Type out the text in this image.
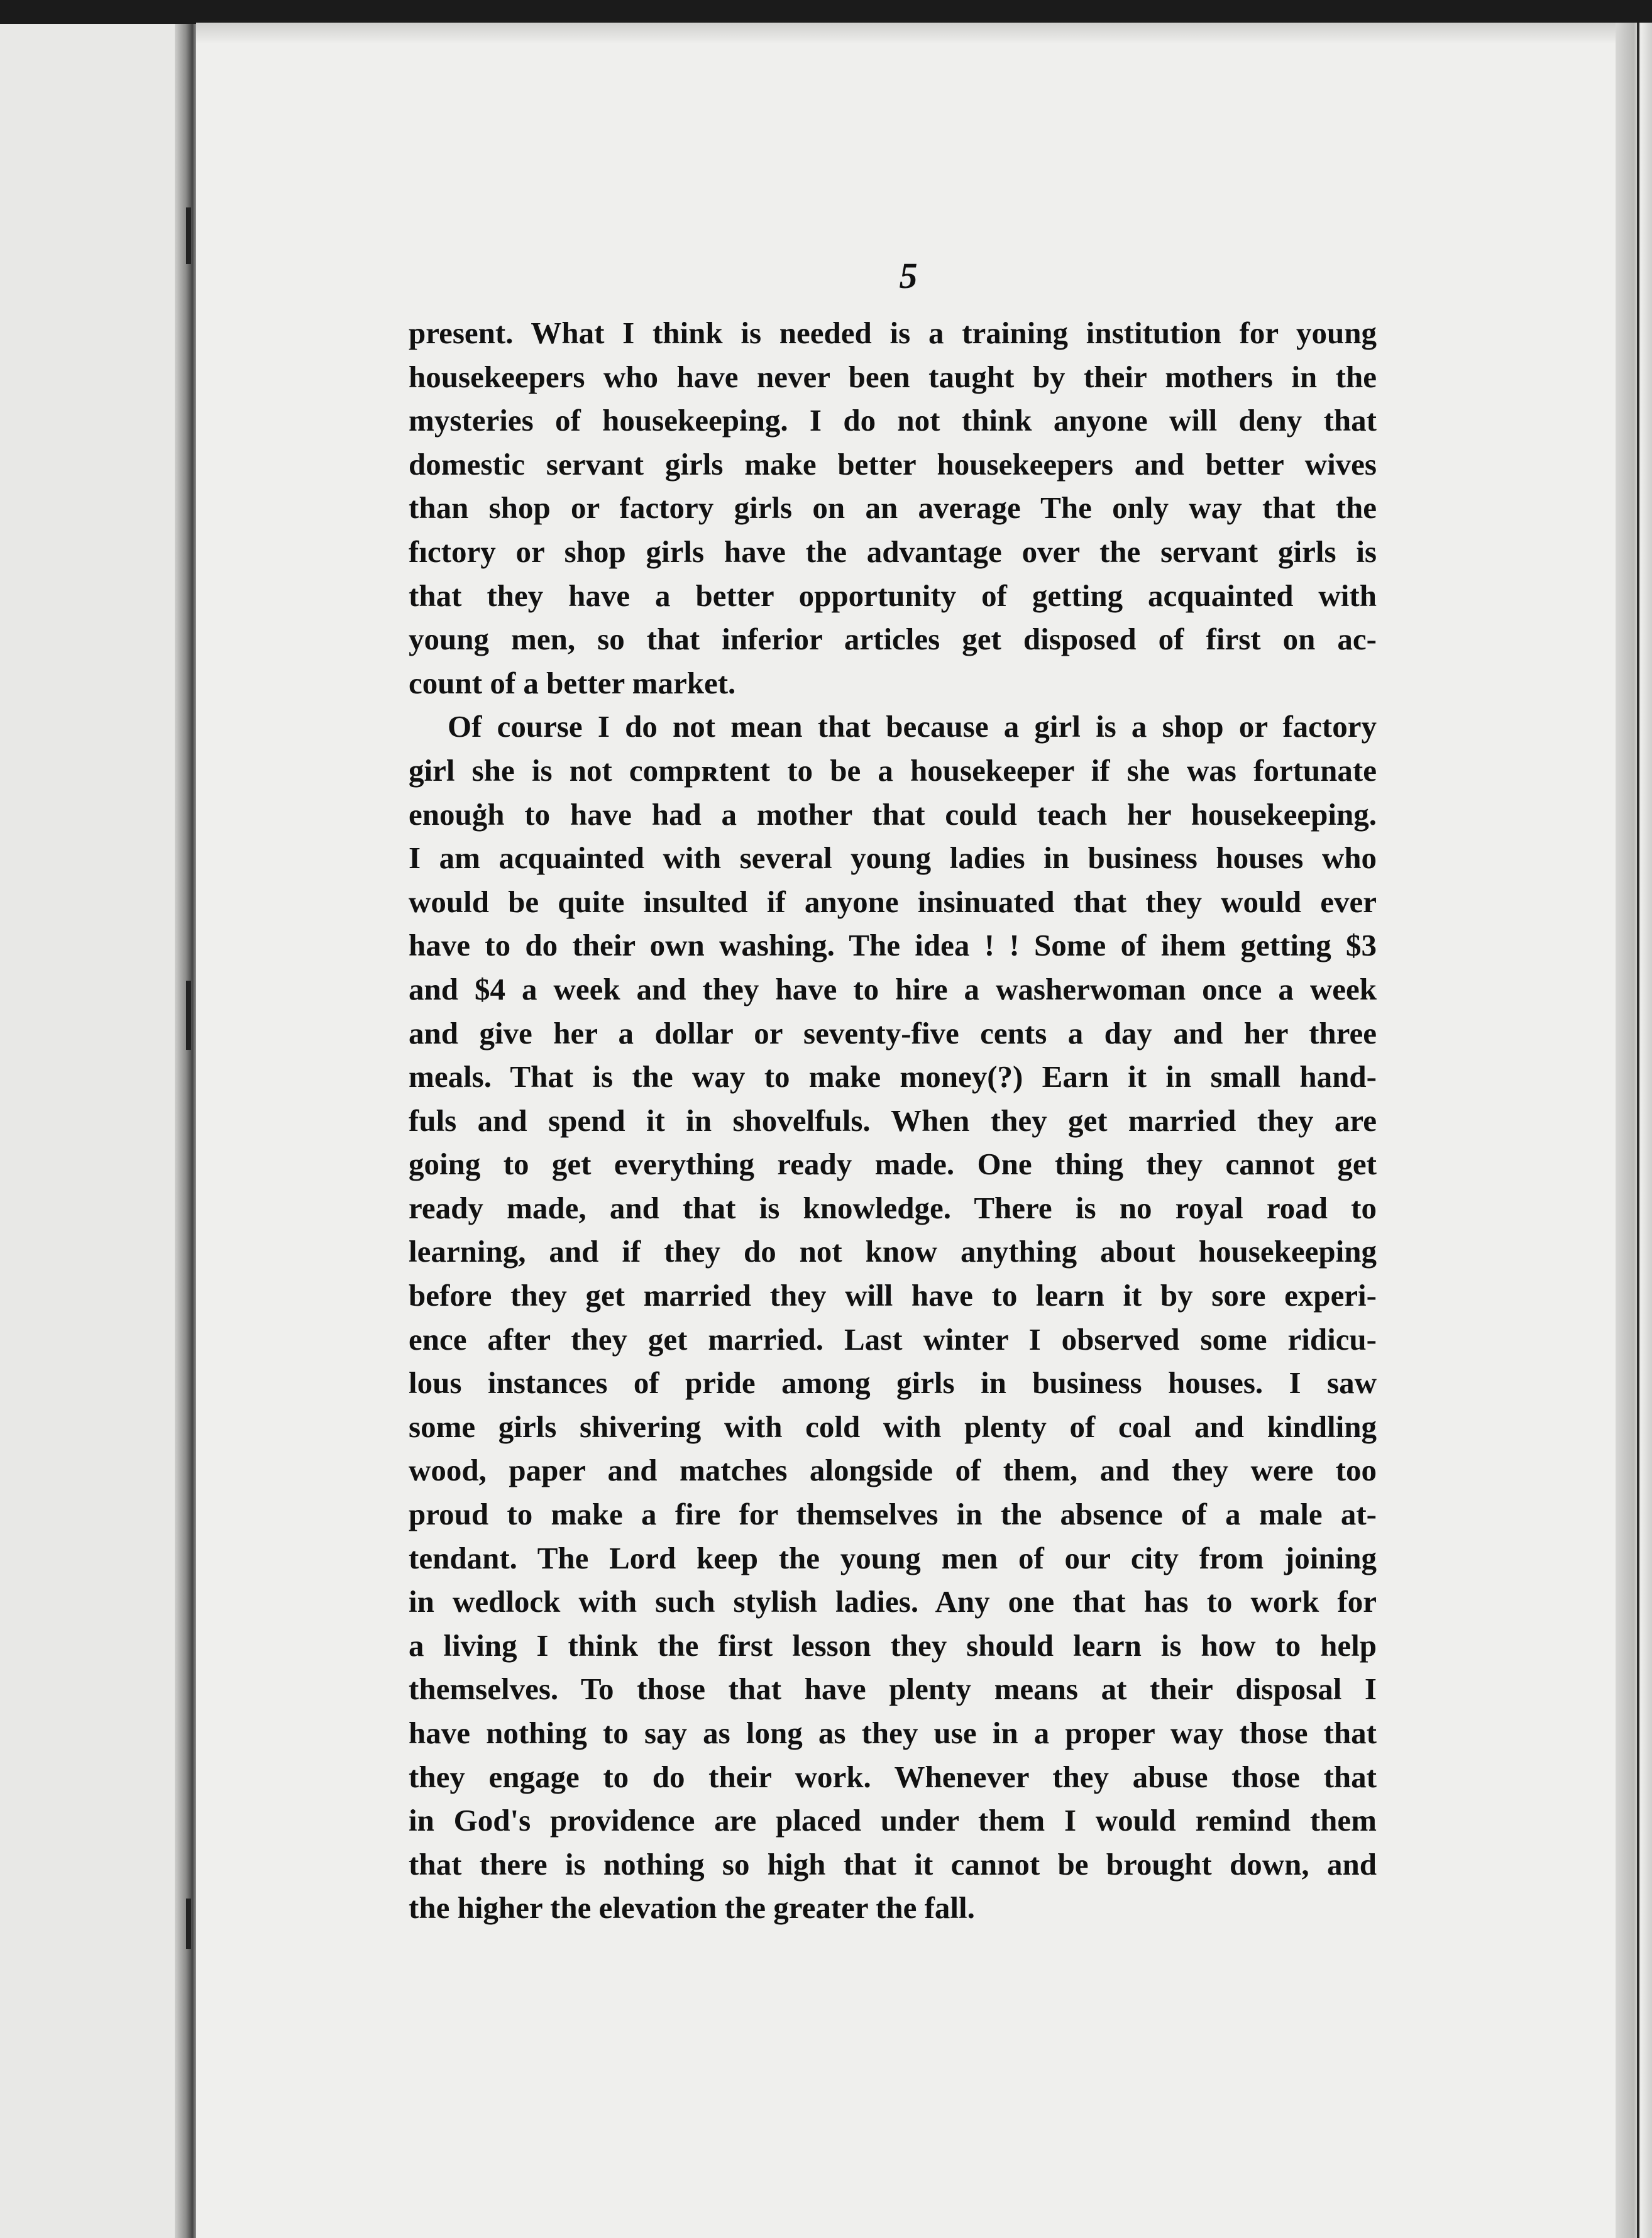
5
present. What I think is needed is a training institution for young
housekeepers who have never been taught by their mothers in the
mysteries of housekeeping. I do not think anyone will deny that
domestic servant girls make better housekeepers and better wives
than shop or factory girls on an average The only way that the
fıctory or shop girls have the advantage over the servant girls is
that they have a better opportunity of getting acquainted with
young men, so that inferior articles get disposed of first on ac-
count of a better market.
Of course I do not mean that because a girl is a shop or factory
girl she is not compʀtent to be a housekeeper if she was fortunate
enouġh to have had a mother that could teach her housekeeping.
I am acquainted with several young ladies in business houses who
would be quite insulted if anyone insinuated that they would ever
have to do their own washing. The idea ! ! Some of ihem getting $3
and $4 a week and they have to hire a washerwoman once a week
and give her a dollar or seventy-five cents a day and her three
meals. That is the way to make money(?) Earn it in small hand-
fuls and spend it in shovelfuls. When they get married they are
going to get everything ready made. One thing they cannot get
ready made, and that is knowledge. There is no royal road to
learning, and if they do not know anything about housekeeping
before they get married they will have to learn it by sore experi-
ence after they get married. Last winter I observed some ridicu-
lous instances of pride among girls in business houses. I saw
some girls shivering with cold with plenty of coal and kindling
wood, paper and matches alongside of them, and they were too
proud to make a fire for themselves in the absence of a male at-
tendant. The Lord keep the young men of our city from joining
in wedlock with such stylish ladies. Any one that has to work for
a living I think the first lesson they should learn is how to help
themselves. To those that have plenty means at their disposal I
have nothing to say as long as they use in a proper way those that
they engage to do their work. Whenever they abuse those that
in God's providence are placed under them I would remind them
that there is nothing so high that it cannot be brought down, and
the higher the elevation the greater the fall.
